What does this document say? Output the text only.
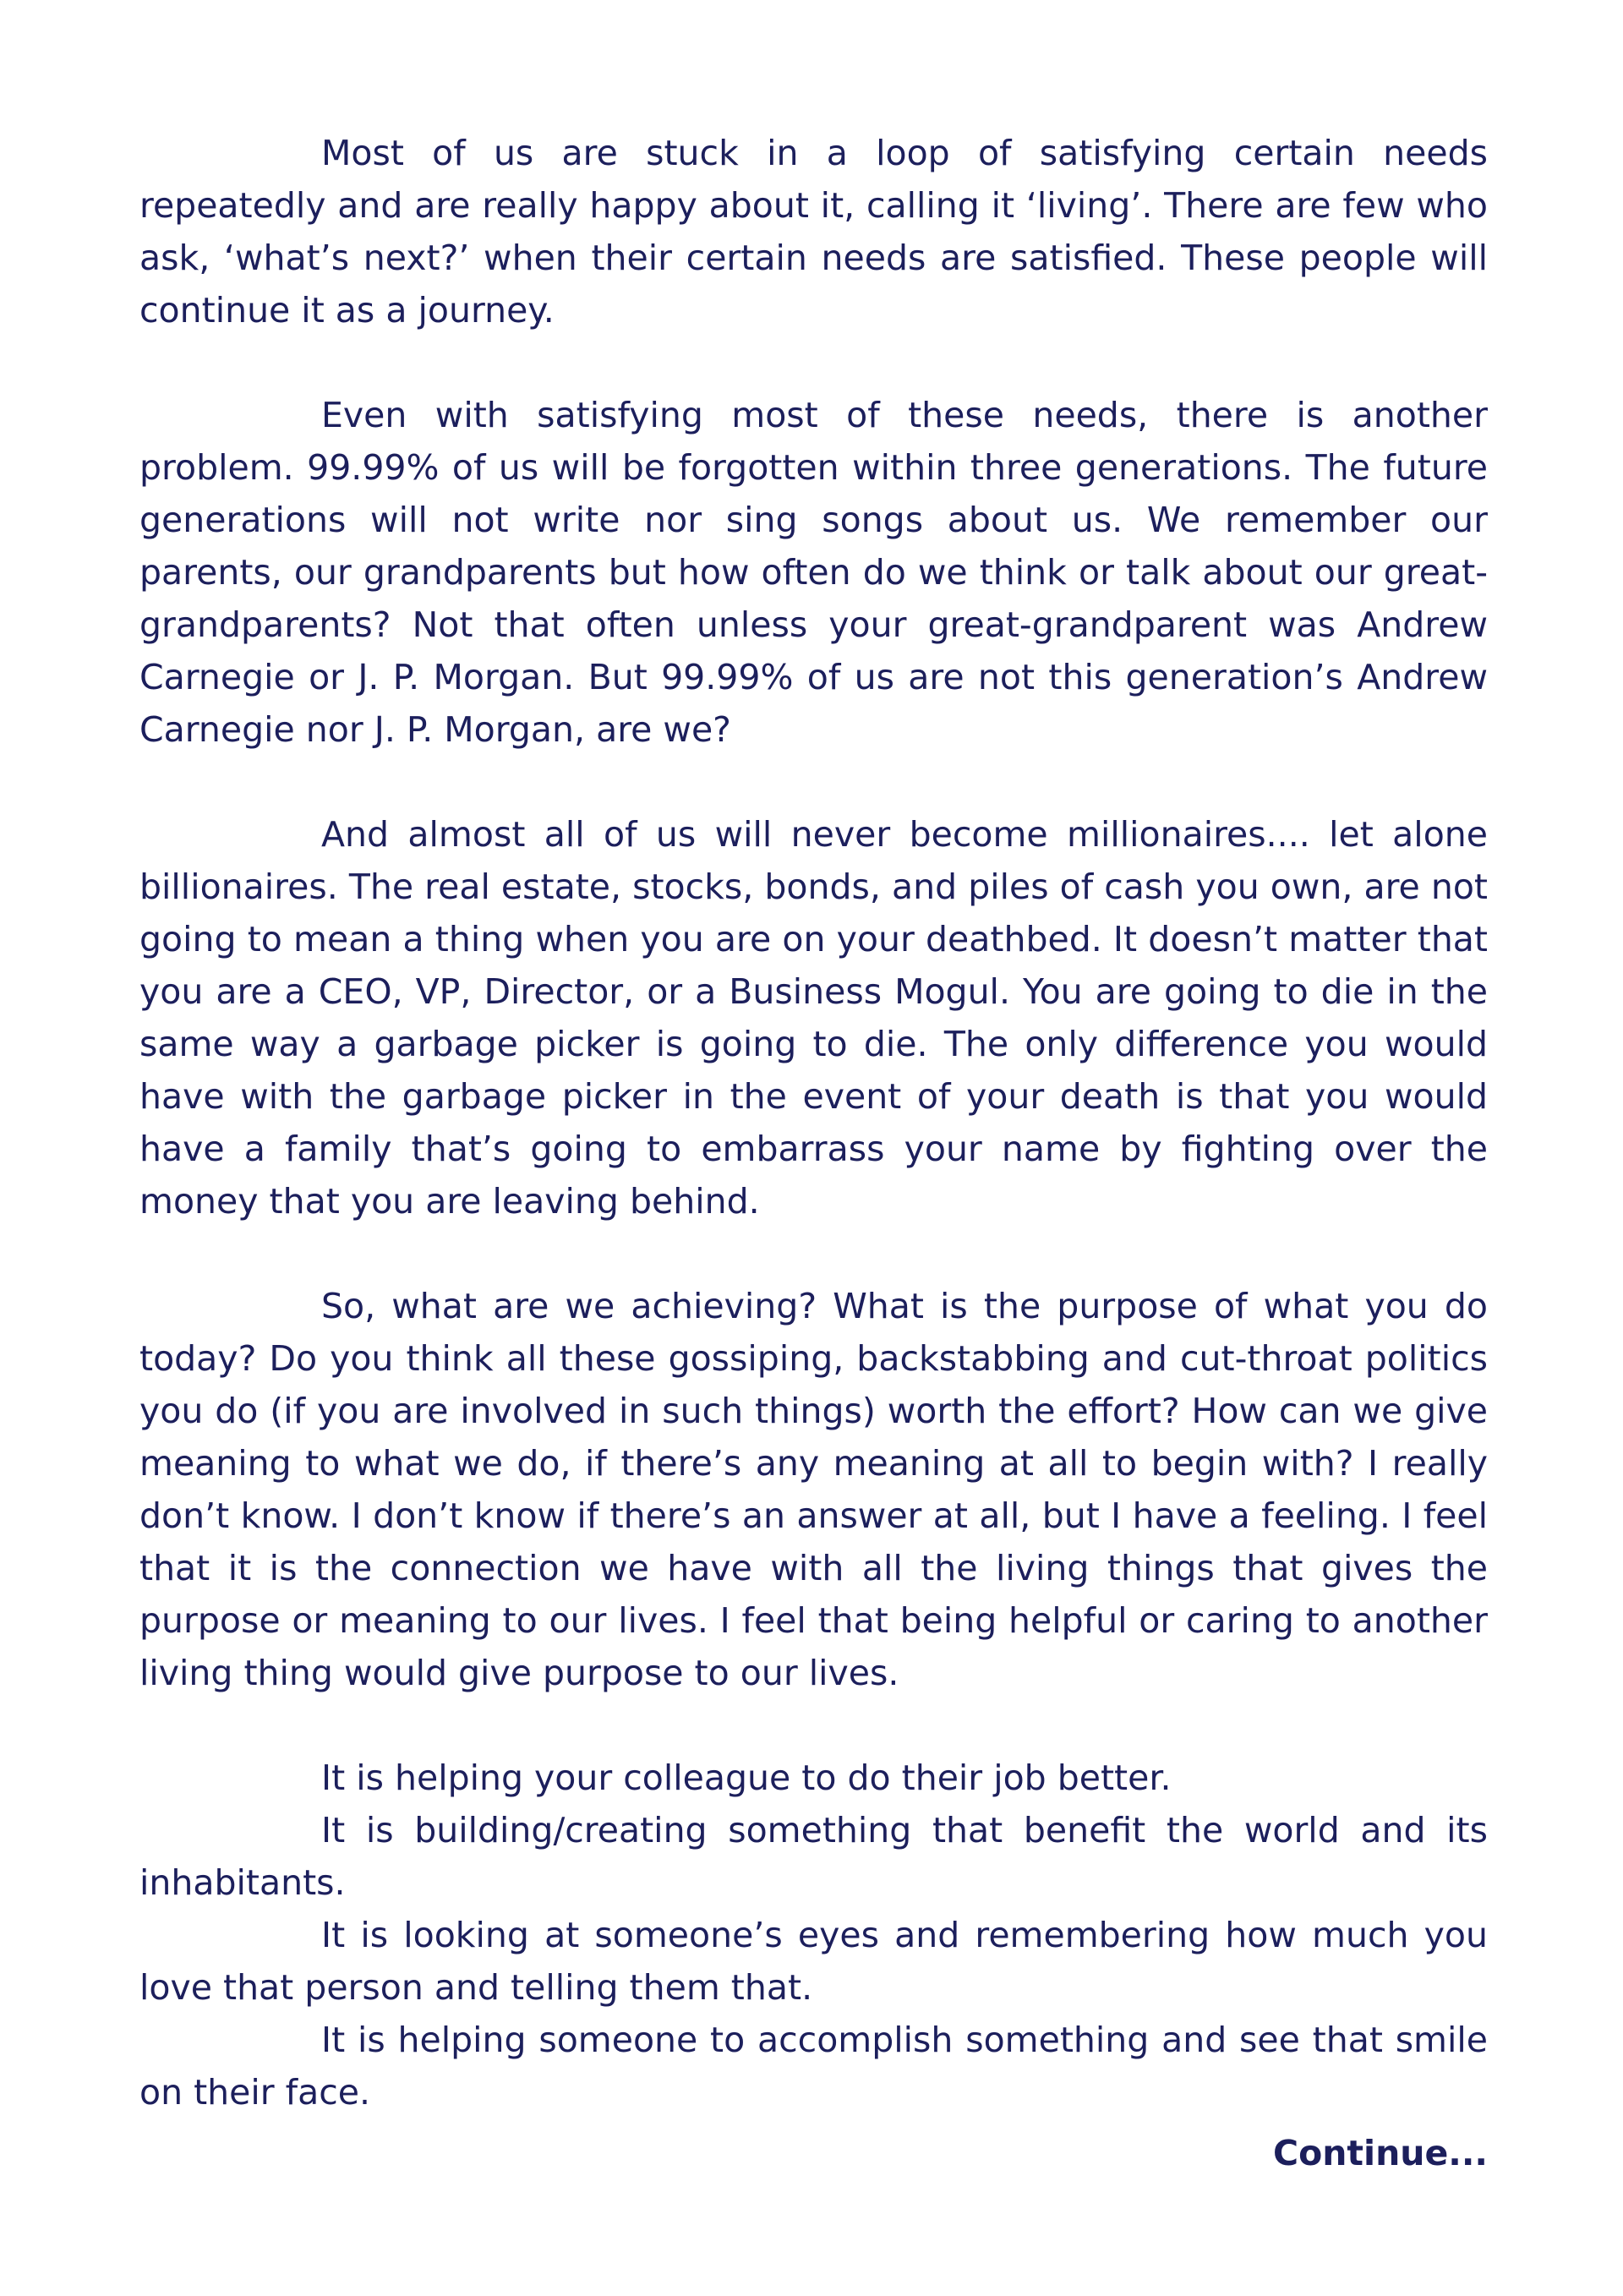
Most of us are stuck in a loop of satisfying certain needs repeatedly and are really happy about it, calling it ‘living’. There are few who ask, ‘what’s next?’ when their certain needs are satisfied. These people will continue it as a journey.

Even with satisfying most of these needs, there is another problem. 99.99% of us will be forgotten within three generations. The future generations will not write nor sing songs about us. We remember our parents, our grandparents but how often do we think or talk about our great-grandparents? Not that often unless your great-grandparent was Andrew Carnegie or J. P. Morgan. But 99.99% of us are not this generation’s Andrew Carnegie nor J. P. Morgan, are we?

And almost all of us will never become millionaires.... let alone billionaires. The real estate, stocks, bonds, and piles of cash you own, are not going to mean a thing when you are on your deathbed. It doesn’t matter that you are a CEO, VP, Director, or a Business Mogul. You are going to die in the same way a garbage picker is going to die. The only difference you would have with the garbage picker in the event of your death is that you would have a family that’s going to embarrass your name by fighting over the money that you are leaving behind.

So, what are we achieving? What is the purpose of what you do today? Do you think all these gossiping, backstabbing and cut-throat politics you do (if you are involved in such things) worth the effort? How can we give meaning to what we do, if there’s any meaning at all to begin with? I really don’t know. I don’t know if there’s an answer at all, but I have a feeling. I feel that it is the connection we have with all the living things that gives the purpose or meaning to our lives. I feel that being helpful or caring to another living thing would give purpose to our lives.

It is helping your colleague to do their job better.

It is building/creating something that benefit the world and its inhabitants.

It is looking at someone’s eyes and remembering how much you love that person and telling them that.

It is helping someone to accomplish something and see that smile on their face.

Continue...
